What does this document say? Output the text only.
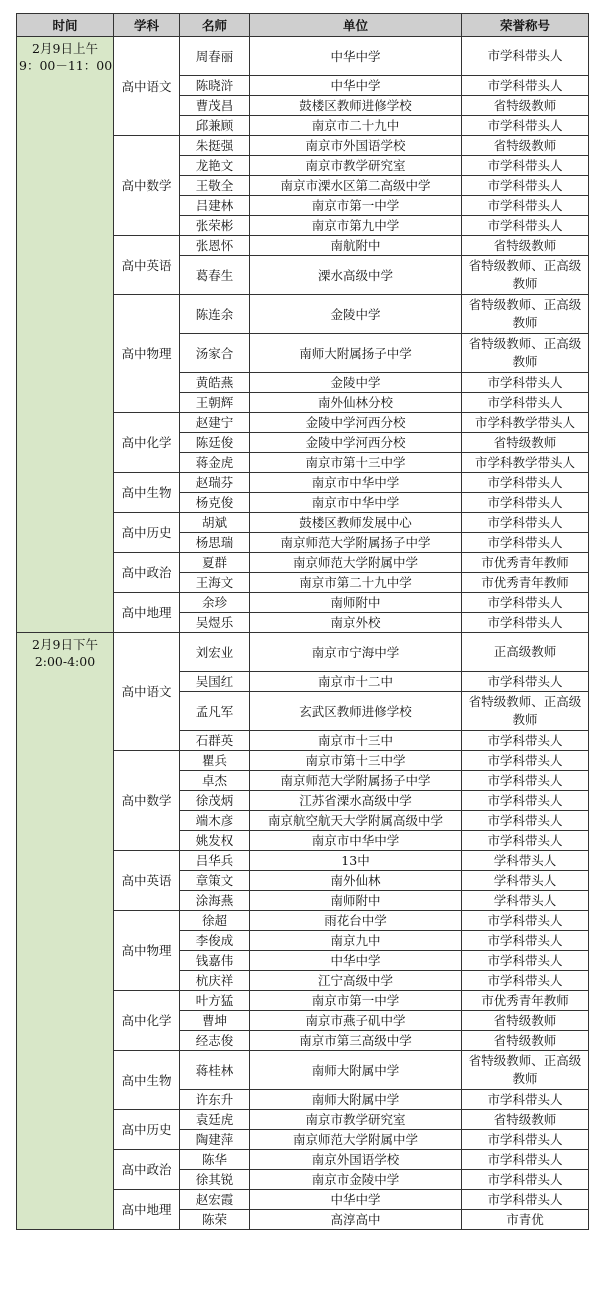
时间	学科	名师	单位	荣誉称号

2月9日上午
9：00－11：00	高中语文	周春丽	中华中学	市学科带头人
		陈晓浒	中华中学	市学科带头人
		曹茂昌	鼓楼区教师进修学校	省特级教师
		邱兼顾	南京市二十九中	市学科带头人
	高中数学	朱挺强	南京市外国语学校	省特级教师
		龙艳文	南京市教学研究室	市学科带头人
		王敬全	南京市溧水区第二高级中学	市学科带头人
		吕建林	南京市第一中学	市学科带头人
		张荣彬	南京市第九中学	市学科带头人
	高中英语	张恩怀	南航附中	省特级教师
		葛春生	溧水高级中学	省特级教师、正高级教师
	高中物理	陈连余	金陵中学	省特级教师、正高级教师
		汤家合	南师大附属扬子中学	省特级教师、正高级教师
		黄皓燕	金陵中学	市学科带头人
		王朝辉	南外仙林分校	市学科带头人
	高中化学	赵建宁	金陵中学河西分校	市学科教学带头人
		陈廷俊	金陵中学河西分校	省特级教师
		蒋金虎	南京市第十三中学	市学科教学带头人
	高中生物	赵瑞芬	南京市中华中学	市学科带头人
		杨克俊	南京市中华中学	市学科带头人
	高中历史	胡斌	鼓楼区教师发展中心	市学科带头人
		杨思瑞	南京师范大学附属扬子中学	市学科带头人
	高中政治	夏群	南京师范大学附属中学	市优秀青年教师
		王海文	南京市第二十九中学	市优秀青年教师
	高中地理	余珍	南师附中	市学科带头人
		吴煜乐	南京外校	市学科带头人

2月9日下午
2:00-4:00	高中语文	刘宏业	南京市宁海中学	正高级教师
		吴国红	南京市十二中	市学科带头人
		孟凡军	玄武区教师进修学校	省特级教师、正高级教师
		石群英	南京市十三中	市学科带头人
	高中数学	瞿兵	南京市第十三中学	市学科带头人
		卓杰	南京师范大学附属扬子中学	市学科带头人
		徐茂炳	江苏省溧水高级中学	市学科带头人
		端木彦	南京航空航天大学附属高级中学	市学科带头人
		姚发权	南京市中华中学	市学科带头人
	高中英语	吕华兵	13中	学科带头人
		章策文	南外仙林	学科带头人
		涂海燕	南师附中	学科带头人
	高中物理	徐超	雨花台中学	市学科带头人
		李俊成	南京九中	市学科带头人
		钱嘉伟	中华中学	市学科带头人
		杭庆祥	江宁高级中学	市学科带头人
	高中化学	叶方猛	南京市第一中学	市优秀青年教师
		曹坤	南京市燕子矶中学	省特级教师
		经志俊	南京市第三高级中学	省特级教师
	高中生物	蒋桂林	南师大附属中学	省特级教师、正高级教师
		许东升	南师大附属中学	市学科带头人
	高中历史	袁廷虎	南京市教学研究室	省特级教师
		陶建萍	南京师范大学附属中学	市学科带头人
	高中政治	陈华	南京外国语学校	市学科带头人
		徐其锐	南京市金陵中学	市学科带头人
	高中地理	赵宏霞	中华中学	市学科带头人
		陈荣	高淳高中	市青优
